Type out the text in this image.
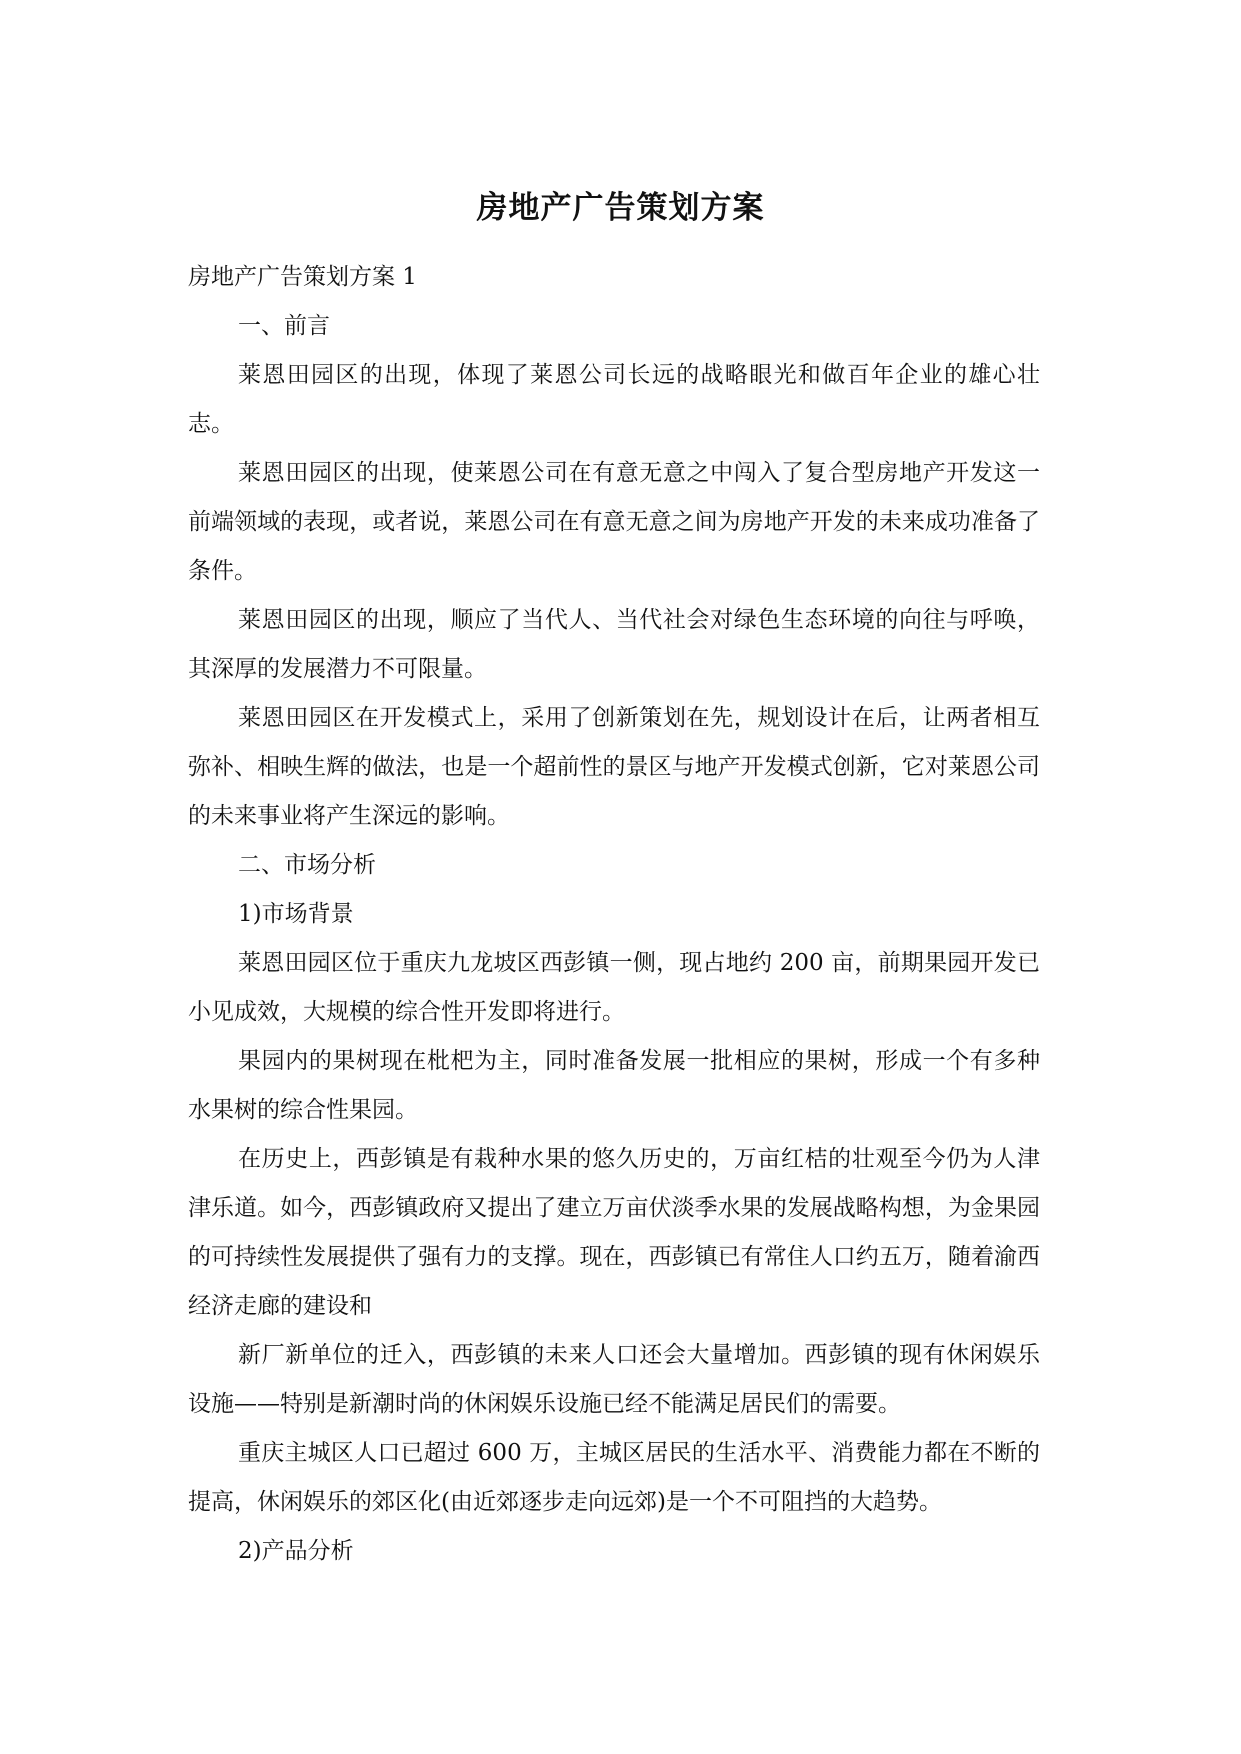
房地产广告策划方案

房地产广告策划方案 1

一、前言

莱恩田园区的出现，体现了莱恩公司长远的战略眼光和做百年企业的雄心壮志。

莱恩田园区的出现，使莱恩公司在有意无意之中闯入了复合型房地产开发这一前端领域的表现，或者说，莱恩公司在有意无意之间为房地产开发的未来成功准备了条件。

莱恩田园区的出现，顺应了当代人、当代社会对绿色生态环境的向往与呼唤，其深厚的发展潜力不可限量。

莱恩田园区在开发模式上，采用了创新策划在先，规划设计在后，让两者相互弥补、相映生辉的做法，也是一个超前性的景区与地产开发模式创新，它对莱恩公司的未来事业将产生深远的影响。

二、市场分析

1)市场背景

莱恩田园区位于重庆九龙坡区西彭镇一侧，现占地约 200 亩，前期果园开发已小见成效，大规模的综合性开发即将进行。

果园内的果树现在枇杷为主，同时准备发展一批相应的果树，形成一个有多种水果树的综合性果园。

在历史上，西彭镇是有栽种水果的悠久历史的，万亩红桔的壮观至今仍为人津津乐道。如今，西彭镇政府又提出了建立万亩伏淡季水果的发展战略构想，为金果园的可持续性发展提供了强有力的支撑。现在，西彭镇已有常住人口约五万，随着渝西经济走廊的建设和

新厂新单位的迁入，西彭镇的未来人口还会大量增加。西彭镇的现有休闲娱乐设施——特别是新潮时尚的休闲娱乐设施已经不能满足居民们的需要。

重庆主城区人口已超过 600 万，主城区居民的生活水平、消费能力都在不断的提高，休闲娱乐的郊区化(由近郊逐步走向远郊)是一个不可阻挡的大趋势。

2)产品分析
